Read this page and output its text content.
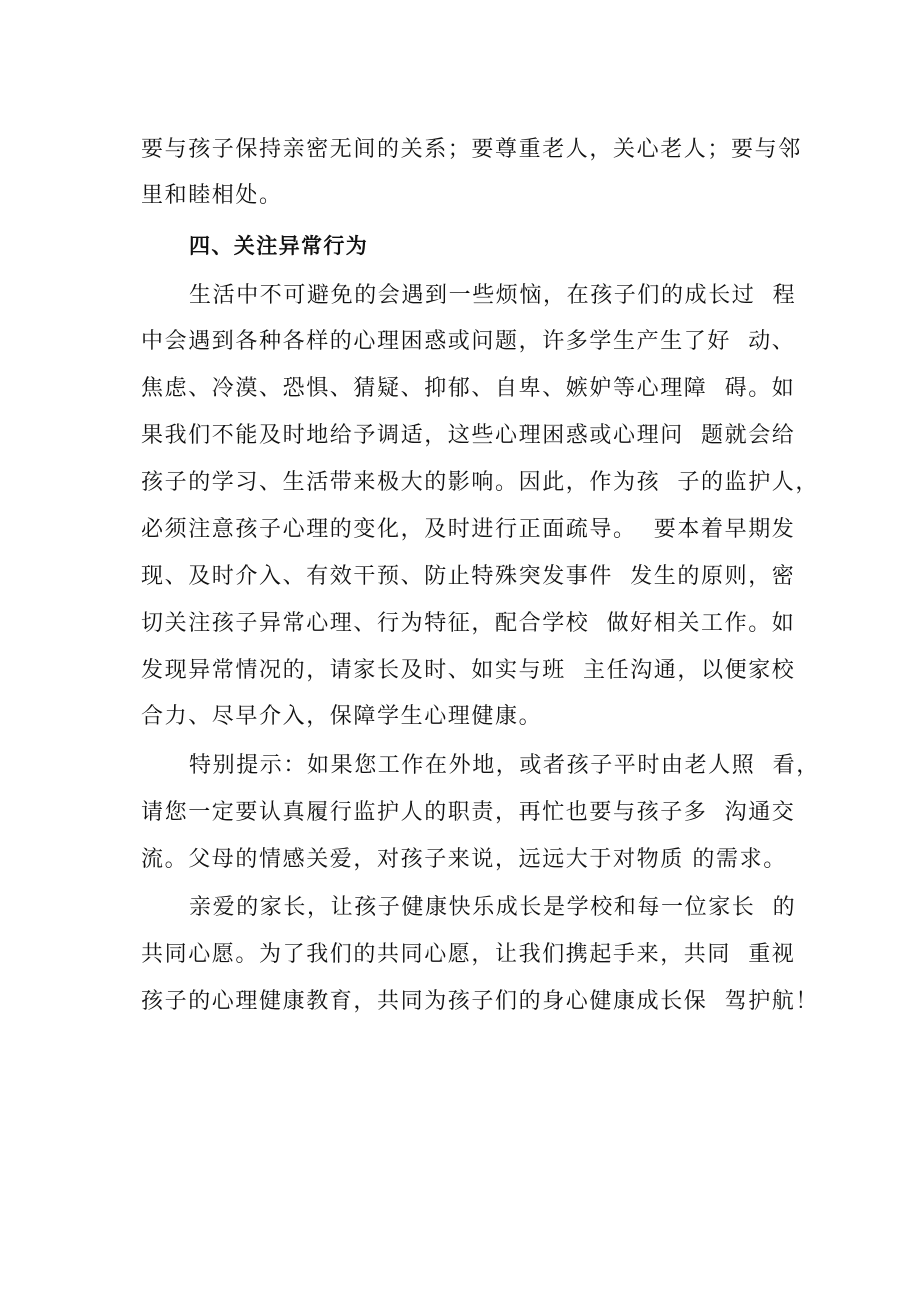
要与孩子保持亲密无间的关系；要尊重老人，关心老人；要与邻
里和睦相处。
四、关注异常行为
生活中不可避免的会遇到一些烦恼，在孩子们的成长过  程
中会遇到各种各样的心理困惑或问题，许多学生产生了好  动、
焦虑、冷漠、恐惧、猜疑、抑郁、自卑、嫉妒等心理障  碍。如
果我们不能及时地给予调适，这些心理困惑或心理问  题就会给
孩子的学习、生活带来极大的影响。因此，作为孩  子的监护人，
必须注意孩子心理的变化，及时进行正面疏导。  要本着早期发
现、及时介入、有效干预、防止特殊突发事件  发生的原则，密
切关注孩子异常心理、行为特征，配合学校  做好相关工作。如
发现异常情况的，请家长及时、如实与班  主任沟通，以便家校
合力、尽早介入，保障学生心理健康。
特别提示：如果您工作在外地，或者孩子平时由老人照  看，
请您一定要认真履行监护人的职责，再忙也要与孩子多  沟通交
流。父母的情感关爱，对孩子来说，远远大于对物质 的需求。
亲爱的家长，让孩子健康快乐成长是学校和每一位家长  的
共同心愿。为了我们的共同心愿，让我们携起手来，共同  重视
孩子的心理健康教育，共同为孩子们的身心健康成长保  驾护航！
